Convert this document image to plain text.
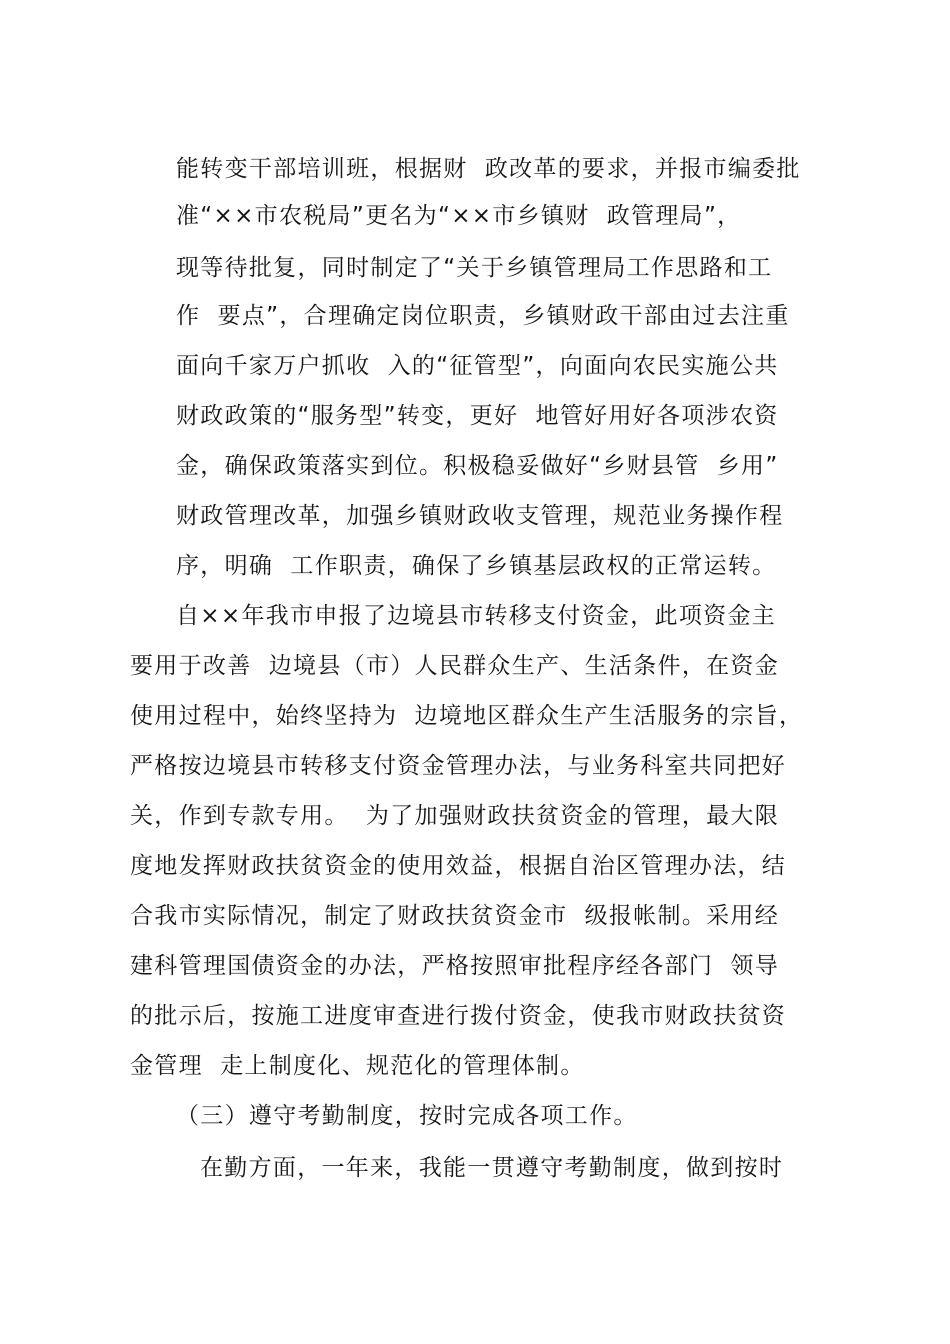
能转变干部培训班，根据财  政改革的要求，并报市编委批
准“××市农税局”更名为“××市乡镇财  政管理局”，
现等待批复，同时制定了“关于乡镇管理局工作思路和工
作  要点”，合理确定岗位职责，乡镇财政干部由过去注重
面向千家万户抓收  入的“征管型”，向面向农民实施公共
财政政策的“服务型”转变，更好  地管好用好各项涉农资
金，确保政策落实到位。积极稳妥做好“乡财县管  乡用”
财政管理改革，加强乡镇财政收支管理，规范业务操作程
序，明确  工作职责，确保了乡镇基层政权的正常运转。
自××年我市申报了边境县市转移支付资金，此项资金主
要用于改善  边境县（市）人民群众生产、生活条件，在资金
使用过程中，始终坚持为  边境地区群众生产生活服务的宗旨，
严格按边境县市转移支付资金管理办法，与业务科室共同把好
关，作到专款专用。  为了加强财政扶贫资金的管理，最大限
度地发挥财政扶贫资金的使用效益，根据自治区管理办法，结
合我市实际情况，制定了财政扶贫资金市  级报帐制。采用经
建科管理国债资金的办法，严格按照审批程序经各部门  领导
的批示后，按施工进度审查进行拨付资金，使我市财政扶贫资
金管理  走上制度化、规范化的管理体制。
（三）遵守考勤制度，按时完成各项工作。
在勤方面，一年来，我能一贯遵守考勤制度，做到按时
